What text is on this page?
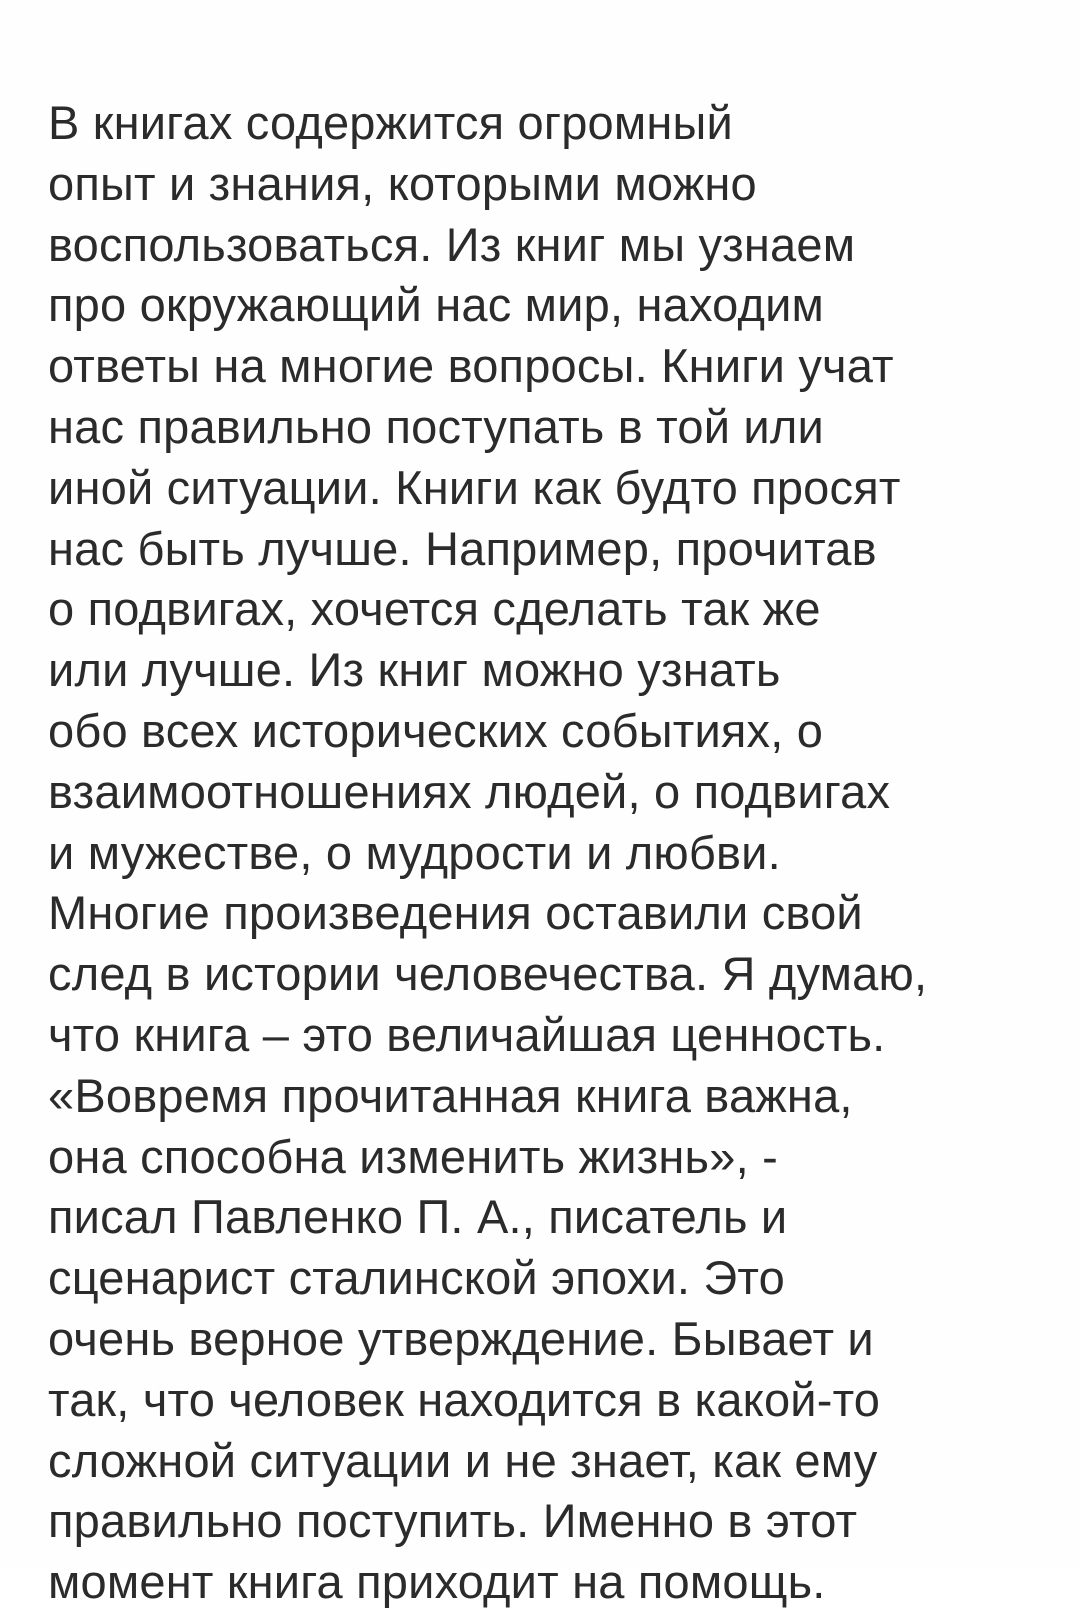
В книгах содержится огромный
опыт и знания, которыми можно
воспользоваться. Из книг мы узнаем
про окружающий нас мир, находим
ответы на многие вопросы. Книги учат
нас правильно поступать в той или
иной ситуации. Книги как будто просят
нас быть лучше. Например, прочитав
о подвигах, хочется сделать так же
или лучше. Из книг можно узнать
обо всех исторических событиях, о
взаимоотношениях людей, о подвигах
и мужестве, о мудрости и любви.
Многие произведения оставили свой
след в истории человечества. Я думаю,
что книга – это величайшая ценность.
«Вовремя прочитанная книга важна,
она способна изменить жизнь», -
писал Павленко П. А., писатель и
сценарист сталинской эпохи. Это
очень верное утверждение. Бывает и
так, что человек находится в какой-то
сложной ситуации и не знает, как ему
правильно поступить. Именно в этот
момент книга приходит на помощь.
